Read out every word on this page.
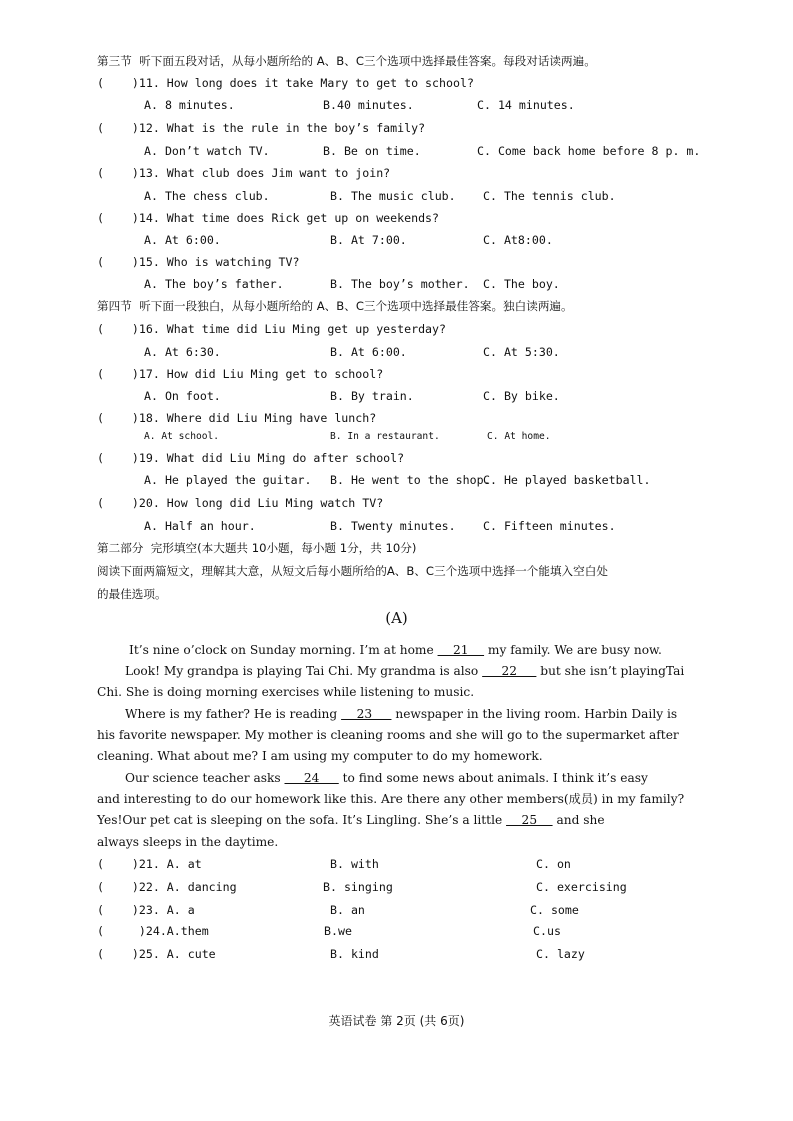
第三节  听下面五段对话，从每小题所给的 A、B、C三个选项中选择最佳答案。每段对话读两遍。
(    )11. How long does it take Mary to get to school?
A. 8 minutes.	B.40 minutes.	C. 14 minutes.
(    )12. What is the rule in the boy’s family?
A. Don’t watch TV.	B. Be on time.	C. Come back home before 8 p. m.
(    )13. What club does Jim want to join?
A. The chess club.	B. The music club. C. The tennis club.
(    )14. What time does Rick get up on weekends?
A. At 6:00.	B. At 7:00.	C. At8:00.
(    )15. Who is watching TV?
A. The boy’s father.	B. The boy’s mother. C. The boy.
第四节  听下面一段独白，从每小题所给的 A、B、C三个选项中选择最佳答案。独白读两遍。
(    )16. What time did Liu Ming get up yesterday?
A. At 6:30.	B. At 6:00.	C. At 5:30.
(    )17. How did Liu Ming get to school?
A. On foot.	B. By train.	C. By bike.
(    )18. Where did Liu Ming have lunch?
A. At school.	B. In a restaurant.	C. At home.
(    )19. What did Liu Ming do after school?
A. He played the guitar. B. He went to the shop.
C. He played basketball.
(    )20. How long did Liu Ming watch TV?
A. Half an hour.	B. Twenty minutes. C. Fifteen minutes.
第二部分  完形填空(本大题共 10小题，每小题 1分，共 10分)
阅读下面两篇短文，理解其大意，从短文后每小题所给的A、B、C三个选项中选择一个能填入空白处
的最佳选项。
(A)
It’s nine o’clock on Sunday morning. I’m at home     21     my family. We are busy now.
Look! My grandpa is playing Tai Chi. My grandma is also      22      but she isn’t playingTai
Chi. She is doing morning exercises while listening to music.
Where is my father? He is reading     23      newspaper in the living room. Harbin Daily is
his favorite newspaper. My mother is cleaning rooms and she will go to the supermarket after
cleaning. What about me? I am using my computer to do my homework.
Our science teacher asks      24      to find some news about animals. I think it’s easy
and interesting to do our homework like this. Are there any other members(成员) in my family?
Yes!Our pet cat is sleeping on the sofa. It’s Lingling. She’s a little     25     and she
always sleeps in the daytime.
(    )21. A. at	B. with	C. on
(    )22. A. dancing	B. singing	C. exercising
(    )23. A. a	B. an	C. some
(     )24.A.them	B.we	C.us
(    )25. A. cute	B. kind	C. lazy
英语试卷 第 2页 (共 6页)
